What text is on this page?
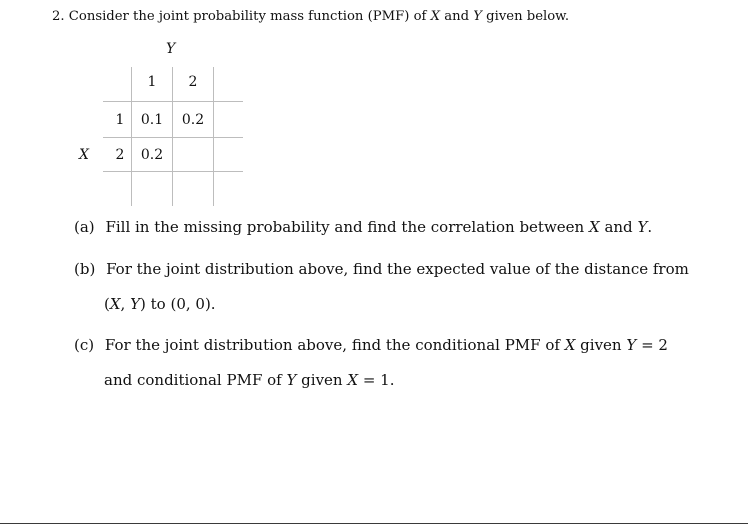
2. Consider the joint probability mass function (PMF) of X and Y given below.
Y
X
1	2
1
2
0.1	0.2
0.2
(a) Fill in the missing probability and find the correlation between X and Y.
(b) For the joint distribution above, find the expected value of the distance from
(X, Y) to (0, 0).
(c) For the joint distribution above, find the conditional PMF of X given Y = 2
and conditional PMF of Y given X = 1.
